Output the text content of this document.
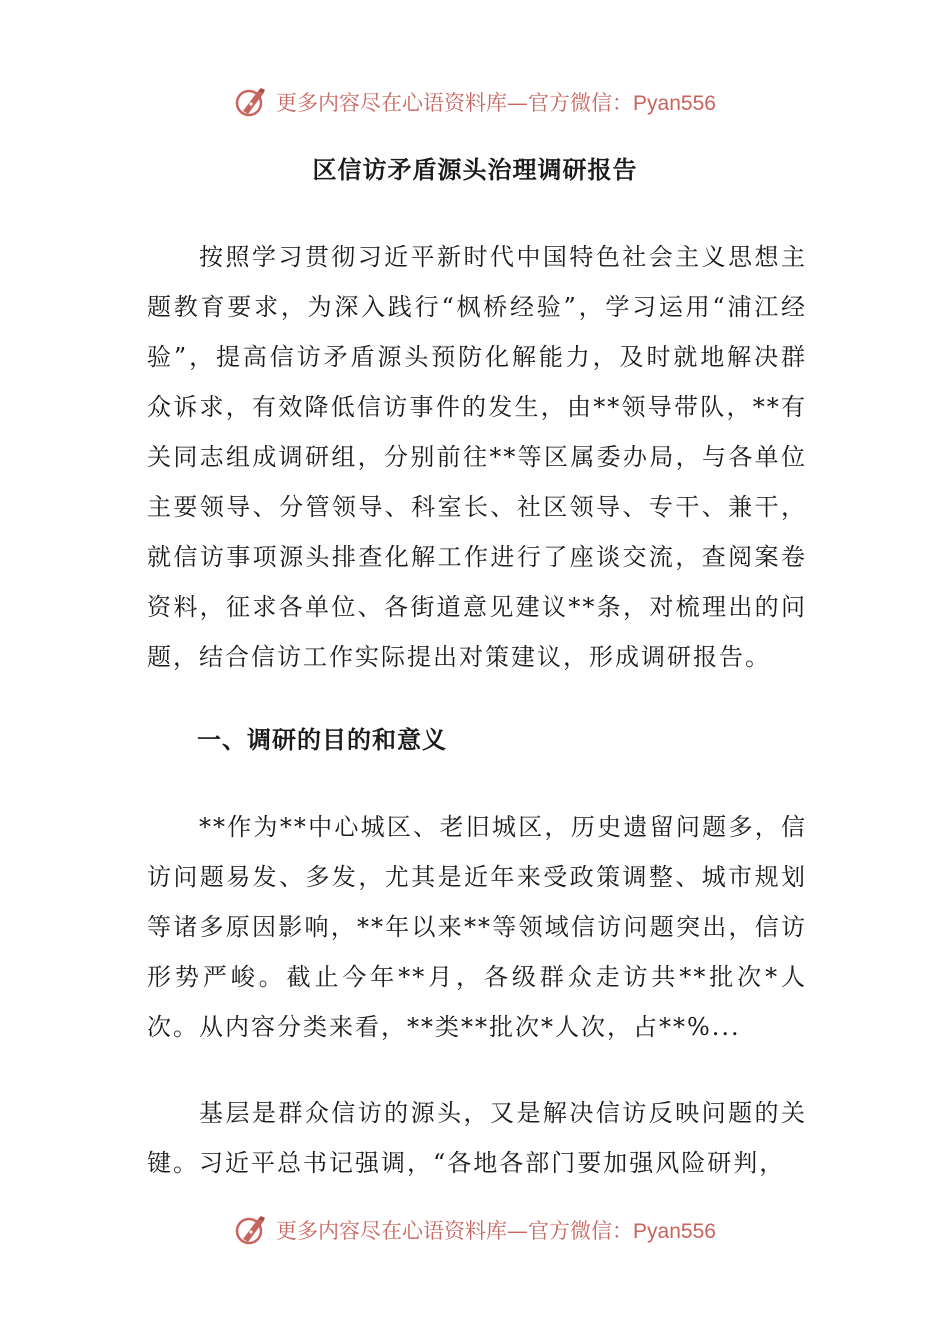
更多内容尽在心语资料库—官方微信：Pyan556
区信访矛盾源头治理调研报告

按照学习贯彻习近平新时代中国特色社会主义思想主题教育要求，为深入践行“枫桥经验”，学习运用“浦江经验”，提高信访矛盾源头预防化解能力，及时就地解决群众诉求，有效降低信访事件的发生，由**领导带队，**有关同志组成调研组，分别前往**等区属委办局，与各单位主要领导、分管领导、科室长、社区领导、专干、兼干，就信访事项源头排查化解工作进行了座谈交流，查阅案卷资料，征求各单位、各街道意见建议**条，对梳理出的问题，结合信访工作实际提出对策建议，形成调研报告。

一、调研的目的和意义

**作为**中心城区、老旧城区，历史遗留问题多，信访问题易发、多发，尤其是近年来受政策调整、城市规划等诸多原因影响，**年以来**等领域信访问题突出，信访形势严峻。截止今年**月，各级群众走访共**批次*人次。从内容分类来看，**类**批次*人次，占**%...

基层是群众信访的源头，又是解决信访反映问题的关键。习近平总书记强调，“各地各部门要加强风险研判，

更多内容尽在心语资料库—官方微信：Pyan556
